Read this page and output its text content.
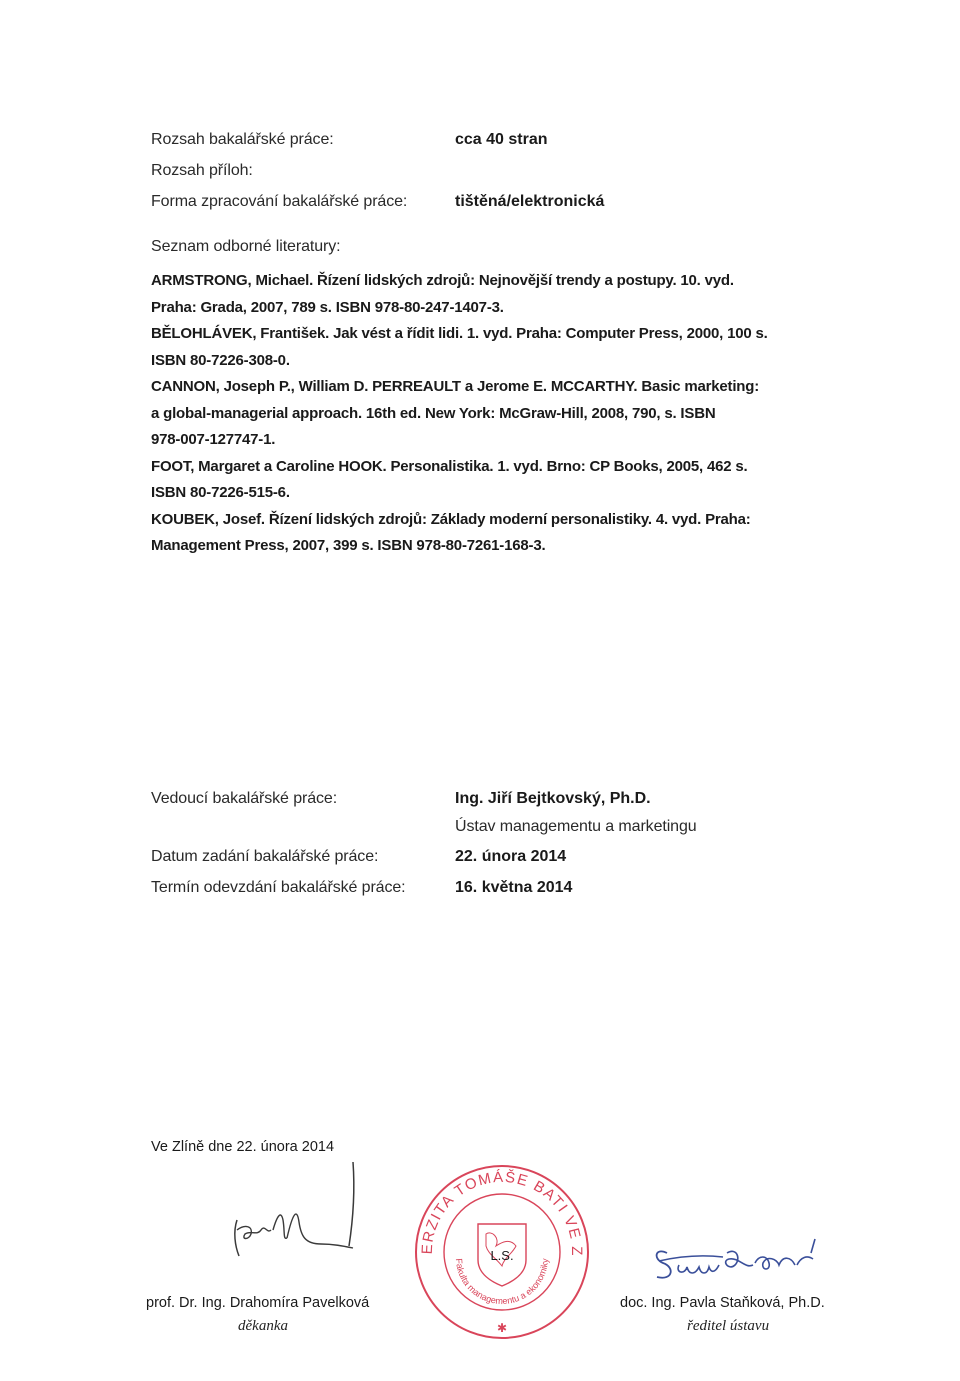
Rozsah bakalářské práce:	cca 40 stran
Rozsah příloh:
Forma zpracování bakalářské práce:	tištěná/elektronická
Seznam odborné literatury:

ARMSTRONG, Michael. Řízení lidských zdrojů: Nejnovější trendy a postupy. 10. vyd.

Praha: Grada, 2007, 789 s. ISBN 978-80-247-1407-3.

BĚLOHLÁVEK, František. Jak vést a řídit lidi. 1. vyd. Praha: Computer Press, 2000, 100 s.

ISBN 80-7226-308-0.

CANNON, Joseph P., William D. PERREAULT a Jerome E. MCCARTHY. Basic marketing:

a global-managerial approach. 16th ed. New York: McGraw-Hill, 2008, 790, s. ISBN

978-007-127747-1.

FOOT, Margaret a Caroline HOOK. Personalistika. 1. vyd. Brno: CP Books, 2005, 462 s.

ISBN 80-7226-515-6.

KOUBEK, Josef. Řízení lidských zdrojů: Základy moderní personalistiky. 4. vyd. Praha:

Management Press, 2007, 399 s. ISBN 978-80-7261-168-3.

Vedoucí bakalářské práce:	Ing. Jiří Bejtkovský, Ph.D.
Ústav managementu a marketingu
Datum zadání bakalářské práce:	22. února 2014
Termín odevzdání bakalářské práce:	16. května 2014
Ve Zlíně dne 22. února 2014
prof. Dr. Ing. Drahomíra Pavelková
děkanka
UNIVERZITA TOMÁŠE BATI VE ZLÍNĚ
Fakulta managementu a ekonomiky
L.S.
✱
doc. Ing. Pavla Staňková, Ph.D.
ředitel ústavu
